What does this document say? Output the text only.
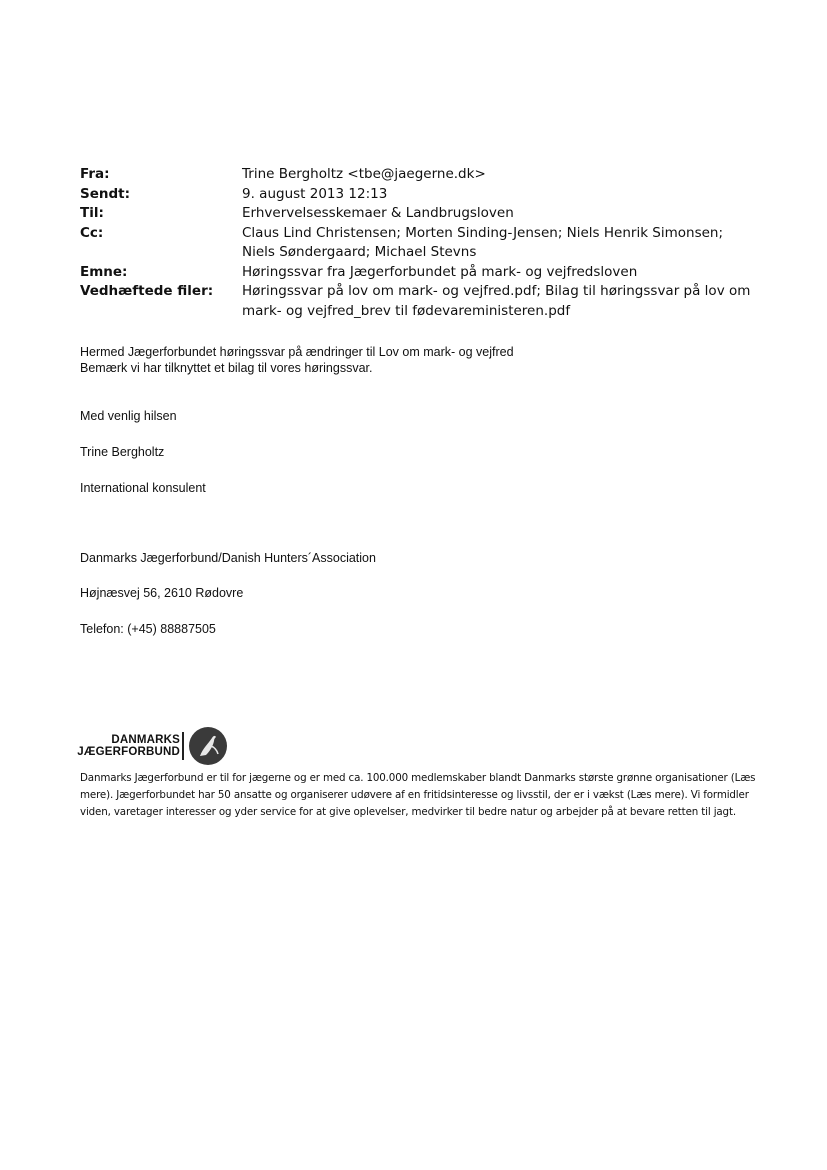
Fra:	Trine Bergholtz <tbe@jaegerne.dk>
Sendt:	9. august 2013 12:13
Til:	Erhvervelsesskemaer & Landbrugsloven
Cc:	Claus Lind Christensen; Morten Sinding-Jensen; Niels Henrik Simonsen; Niels Søndergaard; Michael Stevns
Emne:	Høringssvar fra Jægerforbundet på mark- og vejfredsloven
Vedhæftede filer:	Høringssvar på lov om mark- og vejfred.pdf; Bilag til høringssvar på lov om mark- og vejfred_brev til fødevareministeren.pdf
Hermed Jægerforbundet høringssvar på ændringer til Lov om mark- og vejfred
Bemærk vi har tilknyttet et bilag til vores høringssvar.
Med venlig hilsen
Trine Bergholtz
International konsulent
Danmarks Jægerforbund/Danish Hunters´Association
Højnæsvej 56, 2610 Rødovre
Telefon: (+45) 88887505
DANMARKS
JÆGERFORBUND
Danmarks Jægerforbund er til for jægerne og er med ca. 100.000 medlemskaber blandt Danmarks største grønne organisationer (Læs mere). Jægerforbundet har 50 ansatte og organiserer udøvere af en fritidsinteresse og livsstil, der er i vækst (Læs mere). Vi formidler viden, varetager interesser og yder service for at give oplevelser, medvirker til bedre natur og arbejder på at bevare retten til jagt.
